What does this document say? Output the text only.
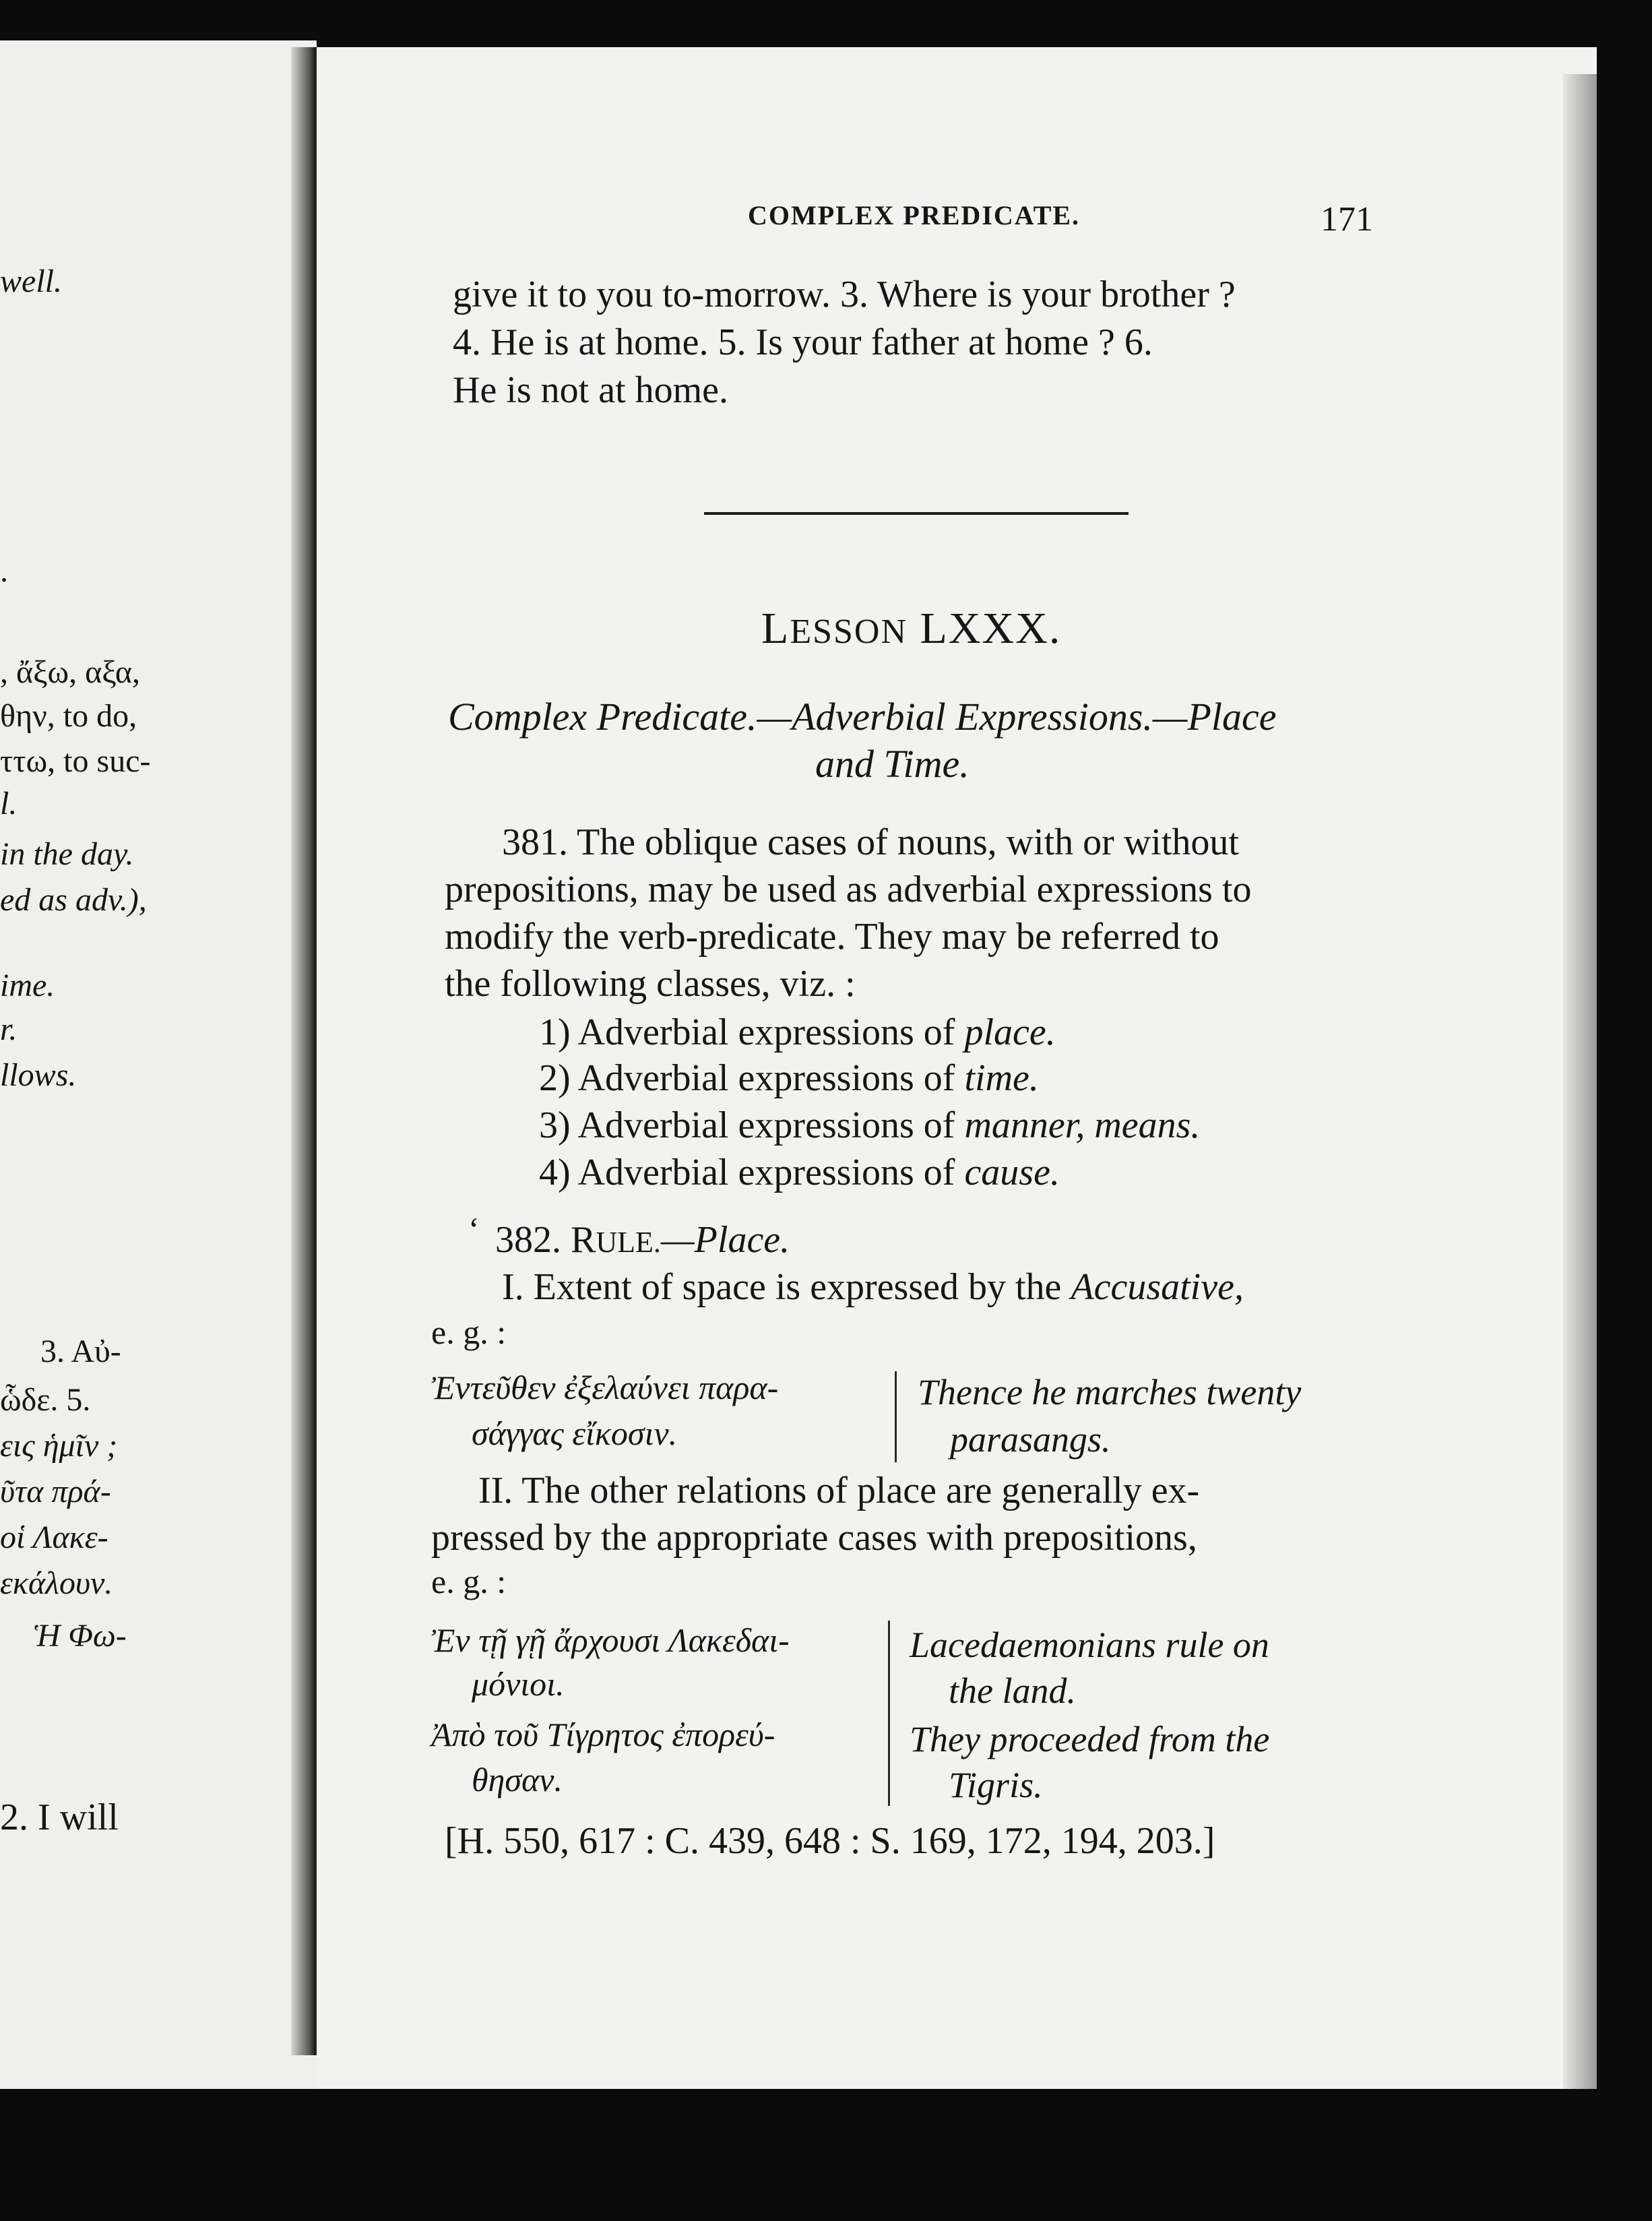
well.
.
, ἄξω, αξα,
θην, to do,
ττω, to suc-
l.
in the day.
ed as adv.),
ime.
r.
llows.
3. Αὐ-
ὧδε. 5.
εις ἡμῖν ;
ῦτα πρά-
οἱ Λακε-
εκάλουν.
Ἡ Φω-
2. I will
COMPLEX PREDICATE.	171
give it to you to-morrow. 3. Where is your brother ?
4. He is at home. 5. Is your father at home ? 6.
He is not at home.
LESSON LXXX.
Complex Predicate.—Adverbial Expressions.—Place
and Time.
381. The oblique cases of nouns, with or without
prepositions, may be used as adverbial expressions to
modify the verb-predicate. They may be referred to
the following classes, viz. :
1) Adverbial expressions of place.
2) Adverbial expressions of time.
3) Adverbial expressions of manner, means.
4) Adverbial expressions of cause.
ʻ 382. RULE.—Place.
I. Extent of space is expressed by the Accusative,
e. g. :
Ἐντεῦθεν ἐξελαύνει παρα-
σάγγας εἴκοσιν.
Thence he marches twenty
parasangs.
II. The other relations of place are generally ex-
pressed by the appropriate cases with prepositions,
e. g. :
Ἐν τῇ γῇ ἄρχουσι Λακεδαι-
μόνιοι.
Lacedaemonians rule on
the land.
Ἀπὸ τοῦ Τίγρητος ἐπορεύ-
θησαν.
They proceeded from the
Tigris.
[H. 550, 617 : C. 439, 648 : S. 169, 172, 194, 203.]
